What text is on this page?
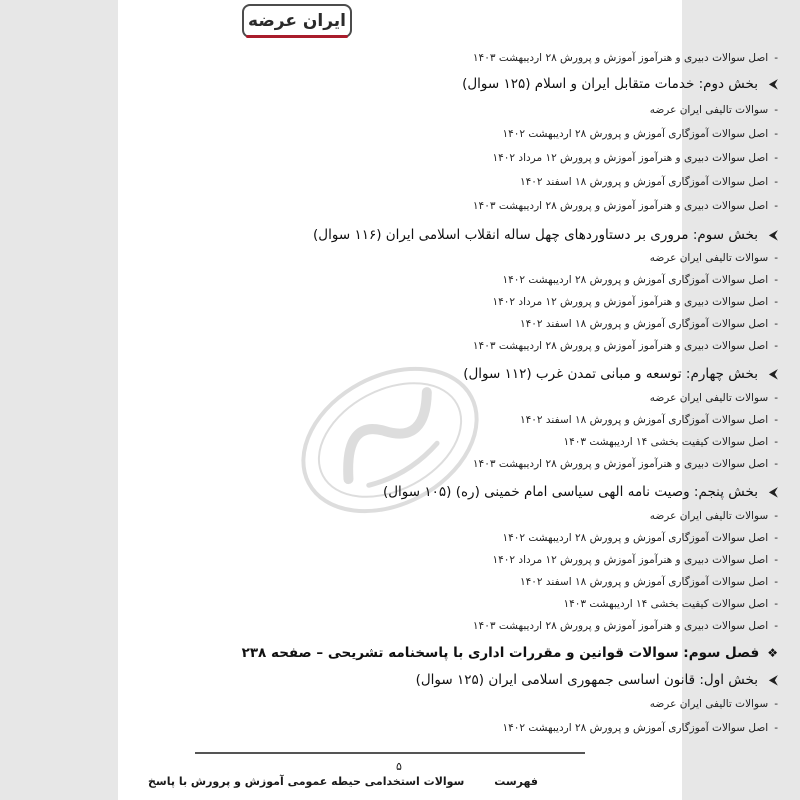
ایران عرضه
-اصل سوالات دبیری و هنرآموز آموزش و پرورش ۲۸ اردیبهشت ۱۴۰۳
⮜بخش دوم: خدمات متقابل ایران و اسلام (۱۲۵ سوال)
-سوالات تالیفی ایران عرضه
-اصل سوالات آموزگاری آموزش و پرورش ۲۸ اردیبهشت ۱۴۰۲
-اصل سوالات دبیری و هنرآموز آموزش و پرورش ۱۲ مرداد ۱۴۰۲
-اصل سوالات آموزگاری آموزش و پرورش ۱۸ اسفند ۱۴۰۲
-اصل سوالات دبیری و هنرآموز آموزش و پرورش ۲۸ اردیبهشت ۱۴۰۳
⮜بخش سوم: مروری بر دستاوردهای چهل ساله انقلاب اسلامی ایران (۱۱۶ سوال)
-سوالات تالیفی ایران عرضه
-اصل سوالات آموزگاری آموزش و پرورش ۲۸ اردیبهشت ۱۴۰۲
-اصل سوالات دبیری و هنرآموز آموزش و پرورش ۱۲ مرداد ۱۴۰۲
-اصل سوالات آموزگاری آموزش و پرورش ۱۸ اسفند ۱۴۰۲
-اصل سوالات دبیری و هنرآموز آموزش و پرورش ۲۸ اردیبهشت ۱۴۰۳
⮜بخش چهارم: توسعه و مبانی تمدن غرب (۱۱۲ سوال)
-سوالات تالیفی ایران عرضه
-اصل سوالات آموزگاری آموزش و پرورش ۱۸ اسفند ۱۴۰۲
-اصل سوالات کیفیت بخشی ۱۴ اردیبهشت ۱۴۰۳
-اصل سوالات دبیری و هنرآموز آموزش و پرورش ۲۸ اردیبهشت ۱۴۰۳
⮜بخش پنجم: وصیت نامه الهی سیاسی امام خمینی (ره) (۱۰۵ سوال)
-سوالات تالیفی ایران عرضه
-اصل سوالات آموزگاری آموزش و پرورش ۲۸ اردیبهشت ۱۴۰۲
-اصل سوالات دبیری و هنرآموز آموزش و پرورش ۱۲ مرداد ۱۴۰۲
-اصل سوالات آموزگاری آموزش و پرورش ۱۸ اسفند ۱۴۰۲
-اصل سوالات کیفیت بخشی ۱۴ اردیبهشت ۱۴۰۳
-اصل سوالات دبیری و هنرآموز آموزش و پرورش ۲۸ اردیبهشت ۱۴۰۳
❖فصل سوم: سوالات قوانین و مقررات اداری با پاسخنامه تشریحی – صفحه ۲۳۸
⮜بخش اول: قانون اساسی جمهوری اسلامی ایران (۱۲۵ سوال)
-سوالات تالیفی ایران عرضه
-اصل سوالات آموزگاری آموزش و پرورش ۲۸ اردیبهشت ۱۴۰۲
۵
فهرست
سوالات استخدامی حیطه عمومی آموزش و پرورش با پاسخ
